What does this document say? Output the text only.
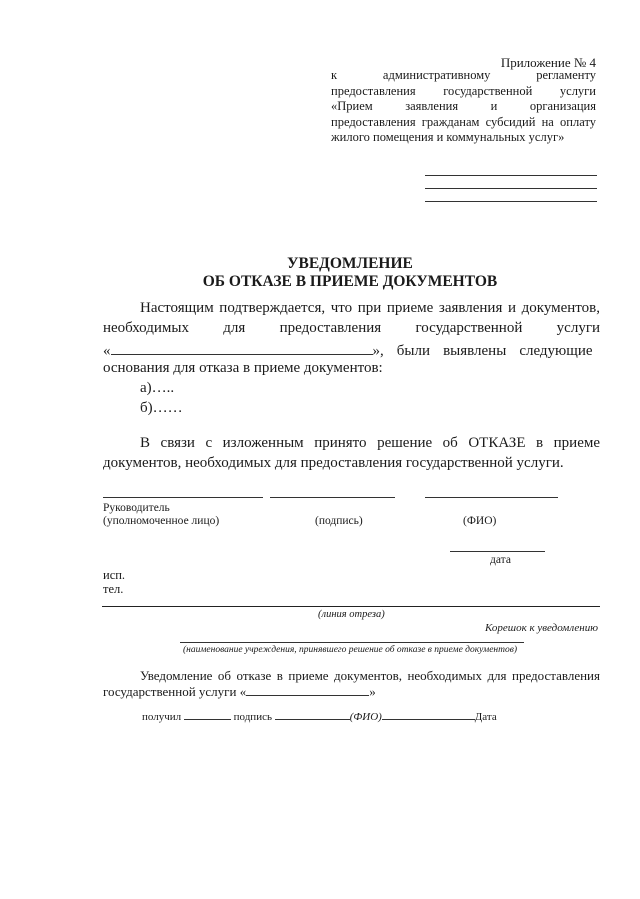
Приложение № 4
к административному регламенту
предоставления государственной услуги
«Прием заявления и организация
предоставления гражданам субсидий на оплату
жилого помещения и коммунальных услуг»
УВЕДОМЛЕНИЕ
ОБ ОТКАЗЕ В ПРИЕМЕ ДОКУМЕНТОВ
Настоящим подтверждается, что при приеме заявления и документов,
необходимых для предоставления государственной услуги
«	», были выявлены следующие
основания для отказа в приеме документов:
а)…..
б)……
В связи с изложенным принято решение об ОТКАЗЕ в приеме
документов, необходимых для предоставления государственной услуги.
Руководитель
(уполномоченное лицо)	(подпись)	(ФИО)
дата
исп.
тел.
(линия отреза)
Корешок к уведомлению
(наименование учреждения, принявшего решение об отказе в приеме документов)
Уведомление об отказе в приеме документов, необходимых для предоставления
государственной услуги «	»
получил	подпись	(ФИО)	Дата
